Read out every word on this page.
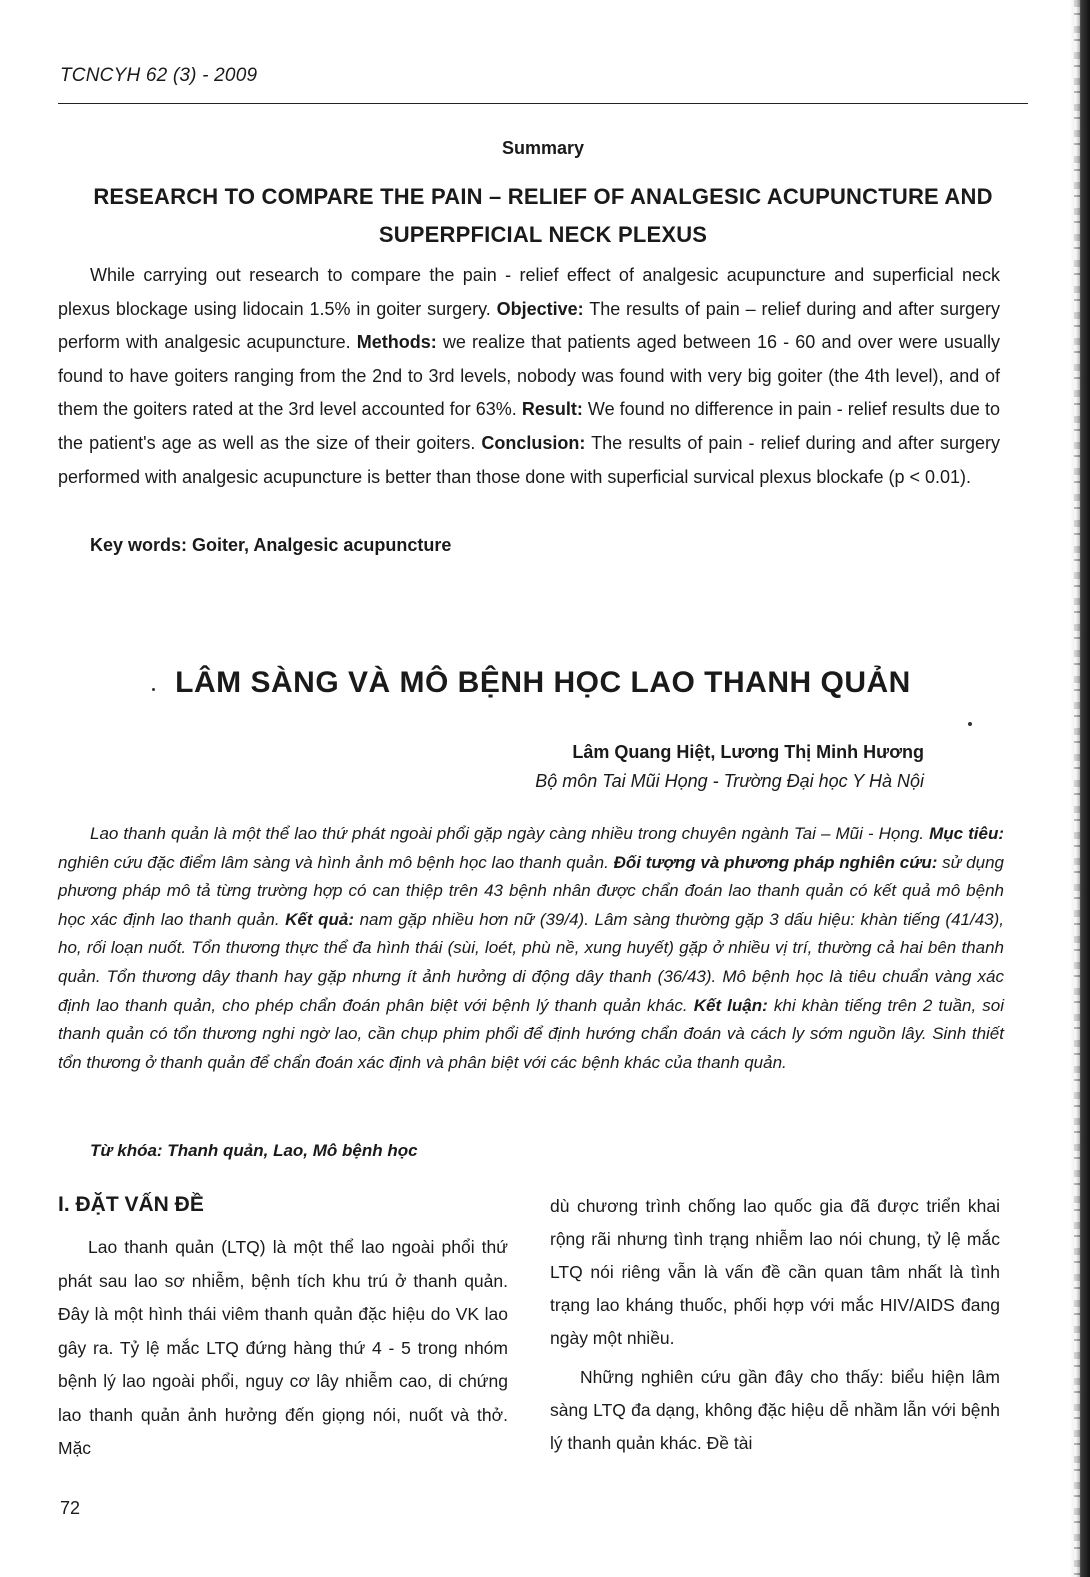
TCNCYH 62 (3) - 2009
Summary
RESEARCH TO COMPARE THE PAIN – RELIEF OF ANALGESIC ACUPUNCTURE AND SUPERPFICIAL NECK PLEXUS
While carrying out research to compare the pain - relief effect of analgesic acupuncture and superficial neck plexus blockage using lidocain 1.5% in goiter surgery. Objective: The results of pain – relief during and after surgery perform with analgesic acupuncture. Methods: we realize that patients aged between 16 - 60 and over were usually found to have goiters ranging from the 2nd to 3rd levels, nobody was found with very big goiter (the 4th level), and of them the goiters rated at the 3rd level accounted for 63%. Result: We found no difference in pain - relief results due to the patient's age as well as the size of their goiters. Conclusion: The results of pain - relief during and after surgery performed with analgesic acupuncture is better than those done with superficial survical plexus blockafe (p < 0.01).
Key words: Goiter, Analgesic acupuncture
LÂM SÀNG VÀ MÔ BỆNH HỌC LAO THANH QUẢN
Lâm Quang Hiệt, Lương Thị Minh Hương
Bộ môn Tai Mũi Họng - Trường Đại học Y Hà Nội
Lao thanh quản là một thể lao thứ phát ngoài phổi gặp ngày càng nhiều trong chuyên ngành Tai – Mũi - Họng. Mục tiêu: nghiên cứu đặc điểm lâm sàng và hình ảnh mô bệnh học lao thanh quản. Đối tượng và phương pháp nghiên cứu: sử dụng phương pháp mô tả từng trường hợp có can thiệp trên 43 bệnh nhân được chẩn đoán lao thanh quản có kết quả mô bệnh học xác định lao thanh quản. Kết quả: nam gặp nhiều hơn nữ (39/4). Lâm sàng thường gặp 3 dấu hiệu: khàn tiếng (41/43), ho, rối loạn nuốt. Tổn thương thực thể đa hình thái (sùi, loét, phù nề, xung huyết) gặp ở nhiều vị trí, thường cả hai bên thanh quản. Tổn thương dây thanh hay gặp nhưng ít ảnh hưởng di động dây thanh (36/43). Mô bệnh học là tiêu chuẩn vàng xác định lao thanh quản, cho phép chẩn đoán phân biệt với bệnh lý thanh quản khác. Kết luận: khi khàn tiếng trên 2 tuần, soi thanh quản có tổn thương nghi ngờ lao, cần chụp phim phổi để định hướng chẩn đoán và cách ly sớm nguồn lây. Sinh thiết tổn thương ở thanh quản để chẩn đoán xác định và phân biệt với các bệnh khác của thanh quản.
Từ khóa: Thanh quản, Lao, Mô bệnh học
I. ĐẶT VẤN ĐỀ

Lao thanh quản (LTQ) là một thể lao ngoài phổi thứ phát sau lao sơ nhiễm, bệnh tích khu trú ở thanh quản. Đây là một hình thái viêm thanh quản đặc hiệu do VK lao gây ra. Tỷ lệ mắc LTQ đứng hàng thứ 4 - 5 trong nhóm bệnh lý lao ngoài phổi, nguy cơ lây nhiễm cao, di chứng lao thanh quản ảnh hưởng đến giọng nói, nuốt và thở. Mặc

dù chương trình chống lao quốc gia đã được triển khai rộng rãi nhưng tình trạng nhiễm lao nói chung, tỷ lệ mắc LTQ nói riêng vẫn là vấn đề cần quan tâm nhất là tình trạng lao kháng thuốc, phối hợp với mắc HIV/AIDS đang ngày một nhiều.

Những nghiên cứu gần đây cho thấy: biểu hiện lâm sàng LTQ đa dạng, không đặc hiệu dễ nhầm lẫn với bệnh lý thanh quản khác. Đề tài

72
